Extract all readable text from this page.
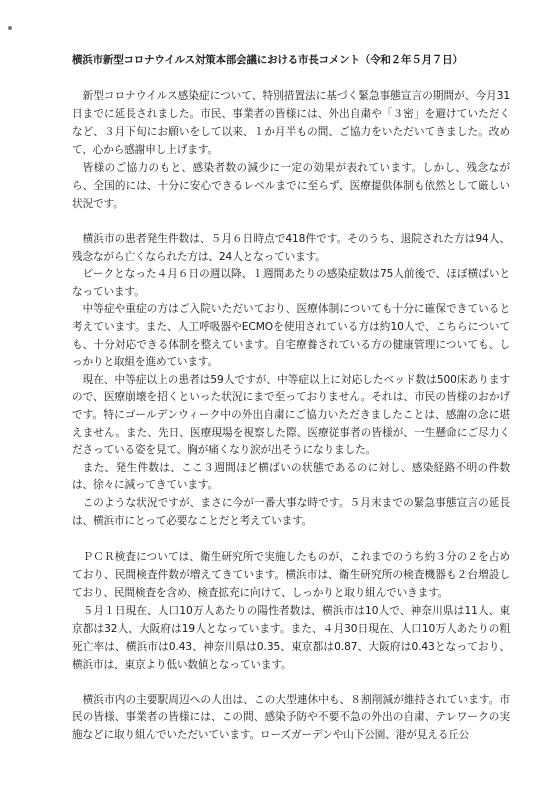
横浜市新型コロナウイルス対策本部会議における市長コメント（令和２年５月７日）

新型コロナウイルス感染症について、特別措置法に基づく緊急事態宣言の期間が、今月31日までに延長されました。市民、事業者の皆様には、外出自粛や「３密」を避けていただくなど、３月下旬にお願いをして以来、１か月半もの間、ご協力をいただいてきました。改めて、心から感謝申し上げます。

皆様のご協力のもと、感染者数の減少に一定の効果が表れています。しかし、残念ながら、全国的には、十分に安心できるレベルまでに至らず、医療提供体制も依然として厳しい状況です。

横浜市の患者発生件数は、５月６日時点で418件です。そのうち、退院された方は94人、残念ながら亡くなられた方は、24人となっています。

ピークとなった４月６日の週以降、１週間あたりの感染症数は75人前後で、ほぼ横ばいとなっています。

中等症や重症の方はご入院いただいており、医療体制についても十分に確保できていると考えています。また、人工呼吸器やECMOを使用されている方は約10人で、こちらについても、十分対応できる体制を整えています。自宅療養されている方の健康管理についても、しっかりと取組を進めています。

現在、中等症以上の患者は59人ですが、中等症以上に対応したベッド数は500床ありますので、医療崩壊を招くといった状況にまで至っておりません。それは、市民の皆様のおかげです。特にゴールデンウィーク中の外出自粛にご協力いただきましたことは、感謝の念に堪えません。また、先日、医療現場を視察した際、医療従事者の皆様が、一生懸命にご尽力くださっている姿を見て、胸が痛くなり涙が出そうになりました。

また、発生件数は、ここ３週間ほど横ばいの状態であるのに対し、感染経路不明の件数は、徐々に減ってきています。

このような状況ですが、まさに今が一番大事な時です。５月末までの緊急事態宣言の延長は、横浜市にとって必要なことだと考えています。

ＰＣＲ検査については、衛生研究所で実施したものが、これまでのうち約３分の２を占めており、民間検査件数が増えてきています。横浜市は、衛生研究所の検査機器も２台増設しており、民間検査を含め、検査拡充に向けて、しっかりと取り組んでいきます。

５月１日現在、人口10万人あたりの陽性者数は、横浜市は10人で、神奈川県は11人、東京都は32人、大阪府は19人となっています。また、４月30日現在、人口10万人あたりの粗死亡率は、横浜市は0.43、神奈川県は0.35、東京都は0.87、大阪府は0.43となっており、横浜市は、東京より低い数値となっています。

横浜市内の主要駅周辺への人出は、この大型連休中も、８割削減が維持されています。市民の皆様、事業者の皆様には、この間、感染予防や不要不急の外出の自粛、テレワークの実施などに取り組んでいただいています。ローズガーデンや山下公園、港が見える丘公
